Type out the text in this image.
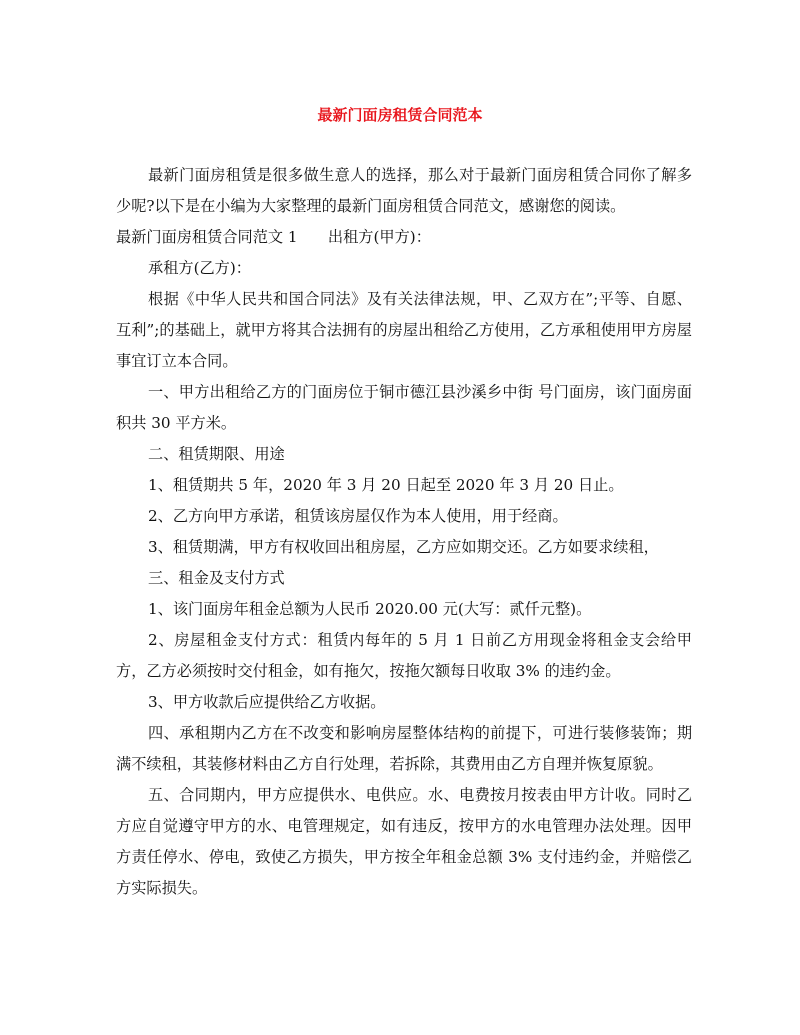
最新门面房租赁合同范本

最新门面房租赁是很多做生意人的选择，那么对于最新门面房租赁合同你了解多少呢?以下是在小编为大家整理的最新门面房租赁合同范文，感谢您的阅读。

最新门面房租赁合同范文 1　　出租方(甲方)：

承租方(乙方)：

根据《中华人民共和国合同法》及有关法律法规，甲、乙双方在”;平等、自愿、互利”;的基础上，就甲方将其合法拥有的房屋出租给乙方使用，乙方承租使用甲方房屋事宜订立本合同。

一、甲方出租给乙方的门面房位于铜市德江县沙溪乡中街 号门面房，该门面房面积共 30 平方米。

二、租赁期限、用途

1、租赁期共 5 年，2020 年 3 月 20 日起至 2020 年 3 月 20 日止。

2、乙方向甲方承诺，租赁该房屋仅作为本人使用，用于经商。

3、租赁期满，甲方有权收回出租房屋，乙方应如期交还。乙方如要求续租，

三、租金及支付方式

1、该门面房年租金总额为人民币 2020.00 元(大写：贰仟元整)。

2、房屋租金支付方式：租赁内每年的 5 月 1 日前乙方用现金将租金支会给甲方，乙方必须按时交付租金，如有拖欠，按拖欠额每日收取 3% 的违约金。

3、甲方收款后应提供给乙方收据。

四、承租期内乙方在不改变和影响房屋整体结构的前提下，可进行装修装饰；期满不续租，其装修材料由乙方自行处理，若拆除，其费用由乙方自理并恢复原貌。

五、合同期内，甲方应提供水、电供应。水、电费按月按表由甲方计收。同时乙方应自觉遵守甲方的水、电管理规定，如有违反，按甲方的水电管理办法处理。因甲方责任停水、停电，致使乙方损失，甲方按全年租金总额 3% 支付违约金，并赔偿乙方实际损失。
